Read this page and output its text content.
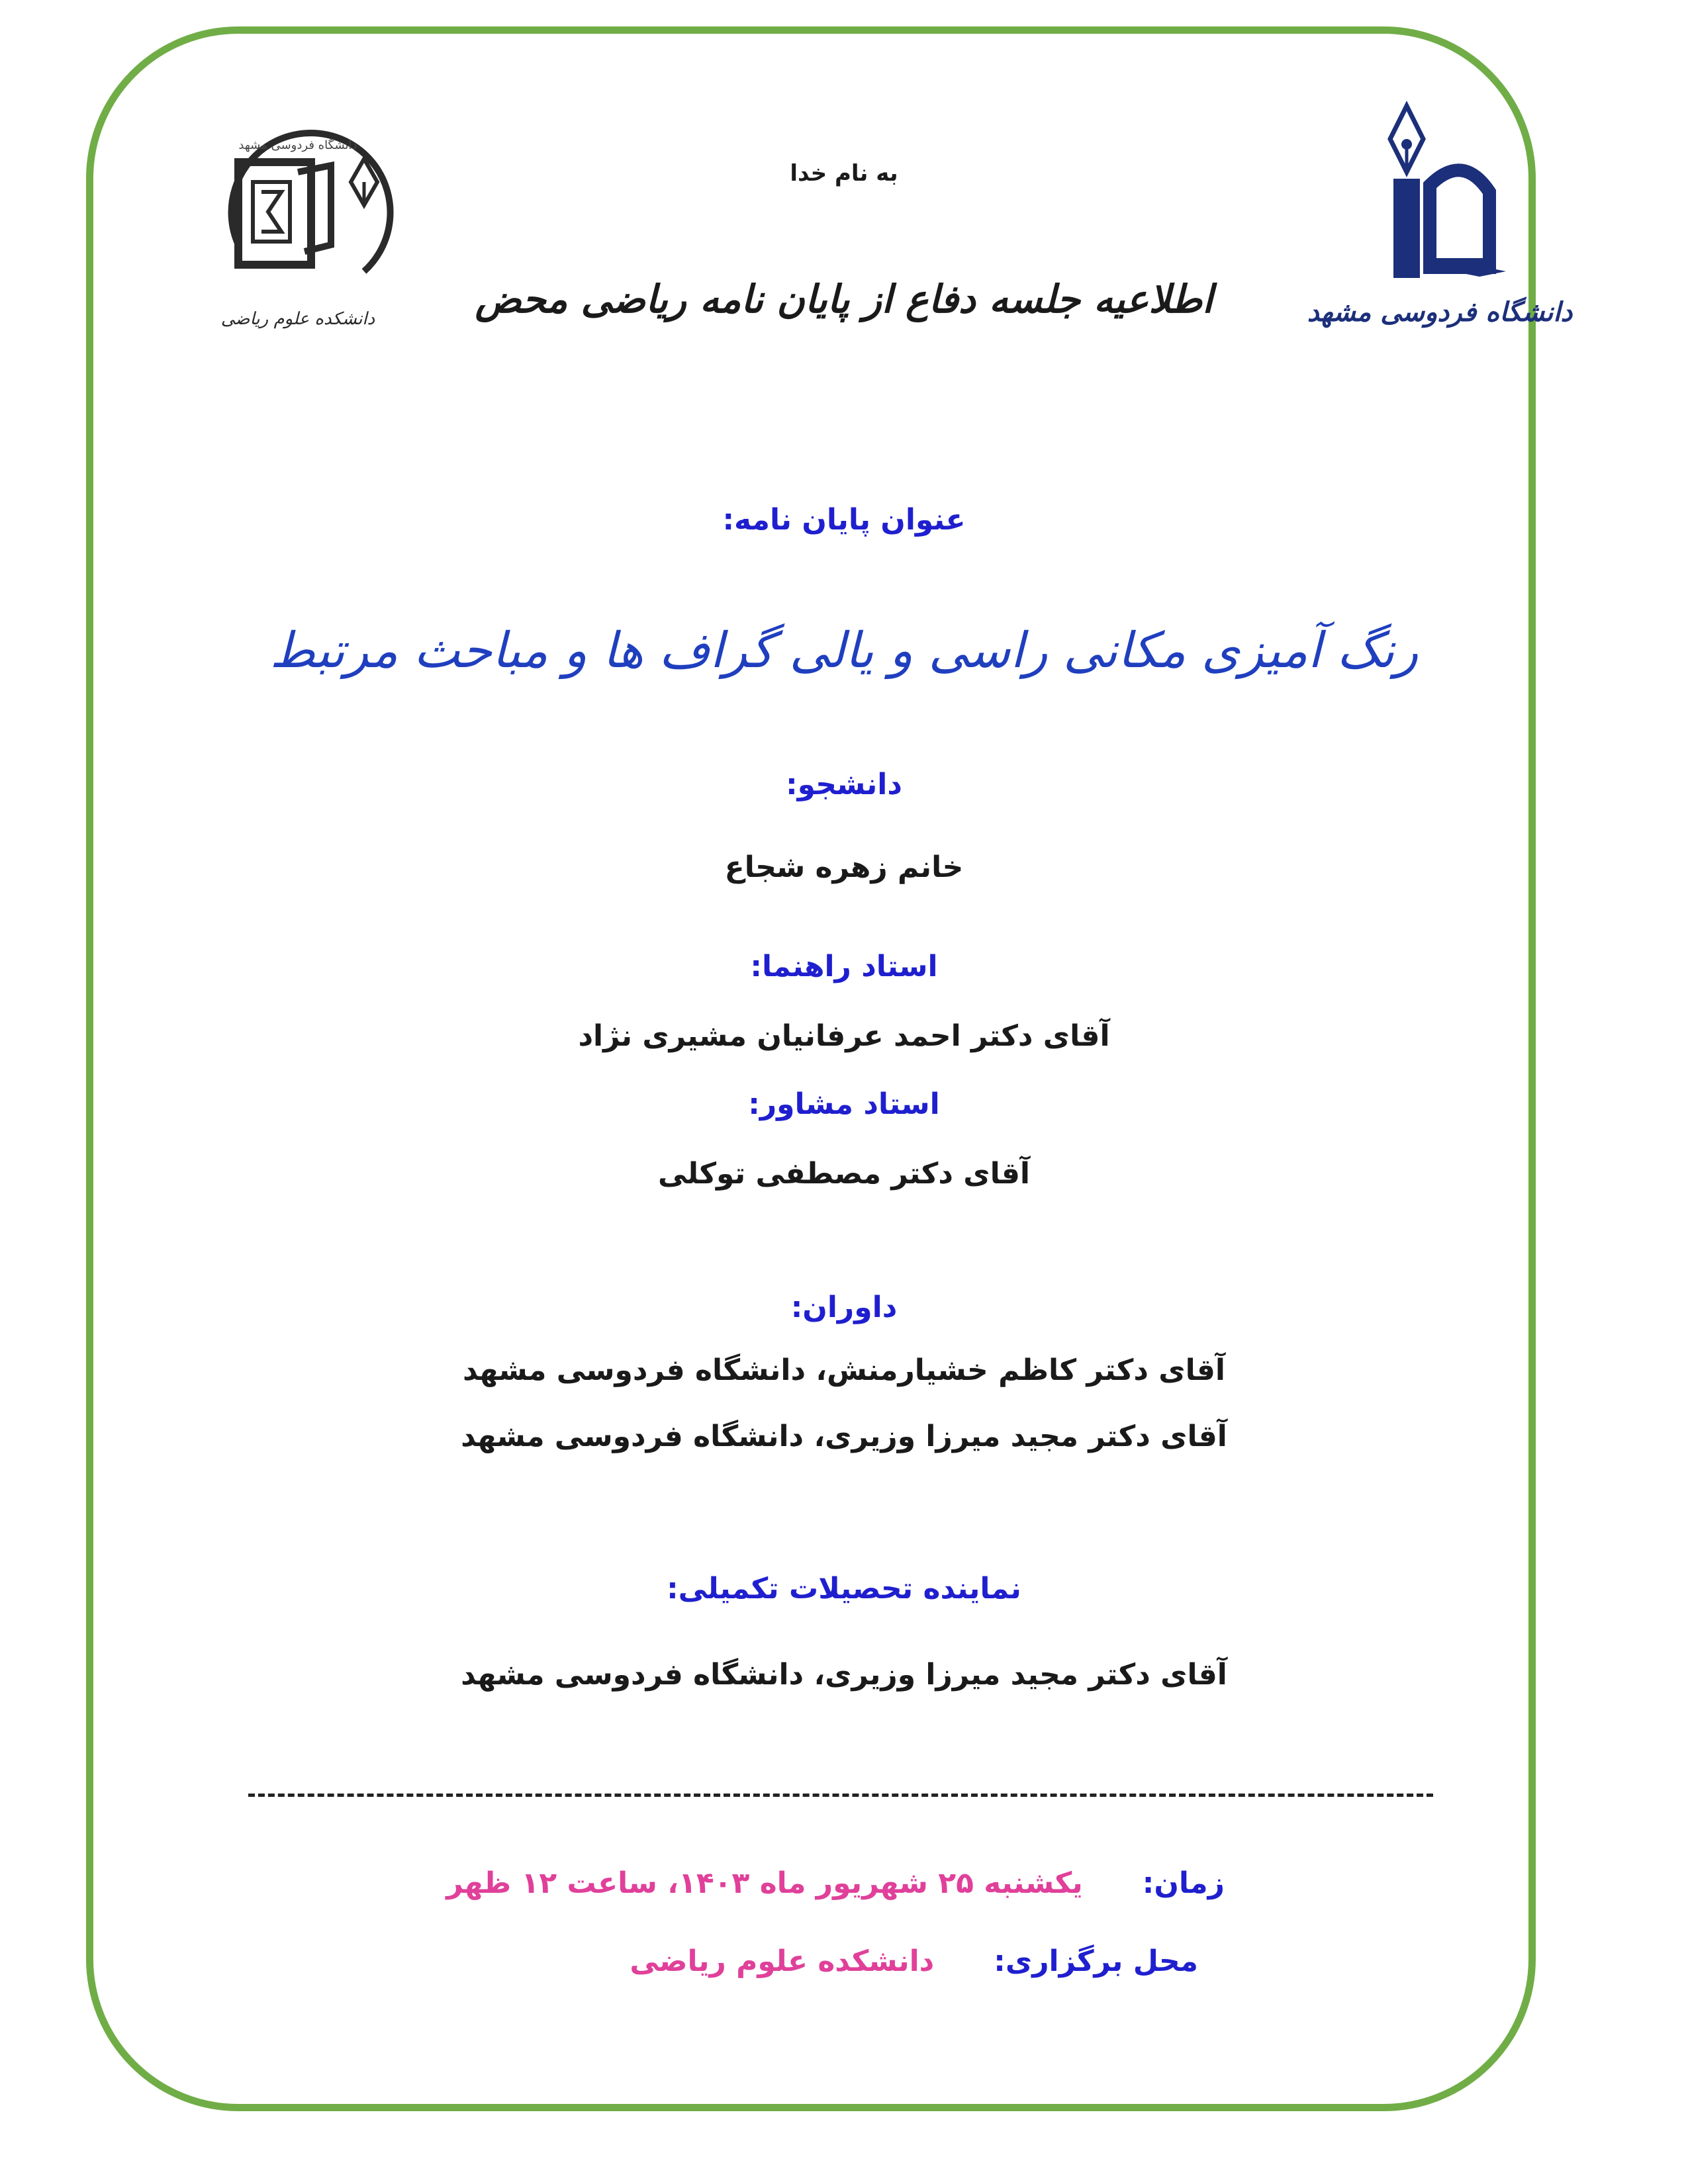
دانشکده علوم ریاضی
دانشگاه فردوسی مشهد
دانشگاه فردوسی مشهد
به نام خدا
اطلاعیه جلسه دفاع از پایان نامه ریاضی محض
عنوان پایان نامه:
رنگ آمیزی مکانی راسی و یالی گراف ها و مباحث مرتبط
دانشجو:
خانم زهره شجاع
استاد راهنما:
آقای دکتر احمد عرفانیان مشیری نژاد
استاد مشاور:
آقای دکتر مصطفی توکلی
داوران:
آقای دکتر کاظم خشیارمنش، دانشگاه فردوسی مشهد
آقای دکتر مجید میرزا وزیری، دانشگاه فردوسی مشهد
نماینده تحصیلات تکمیلی:
آقای دکتر مجید میرزا وزیری، دانشگاه فردوسی مشهد
زمان:یکشنبه ۲۵ شهریور ماه ۱۴۰۳، ساعت ۱۲ ظهر
محل برگزاری:دانشکده علوم ریاضی
